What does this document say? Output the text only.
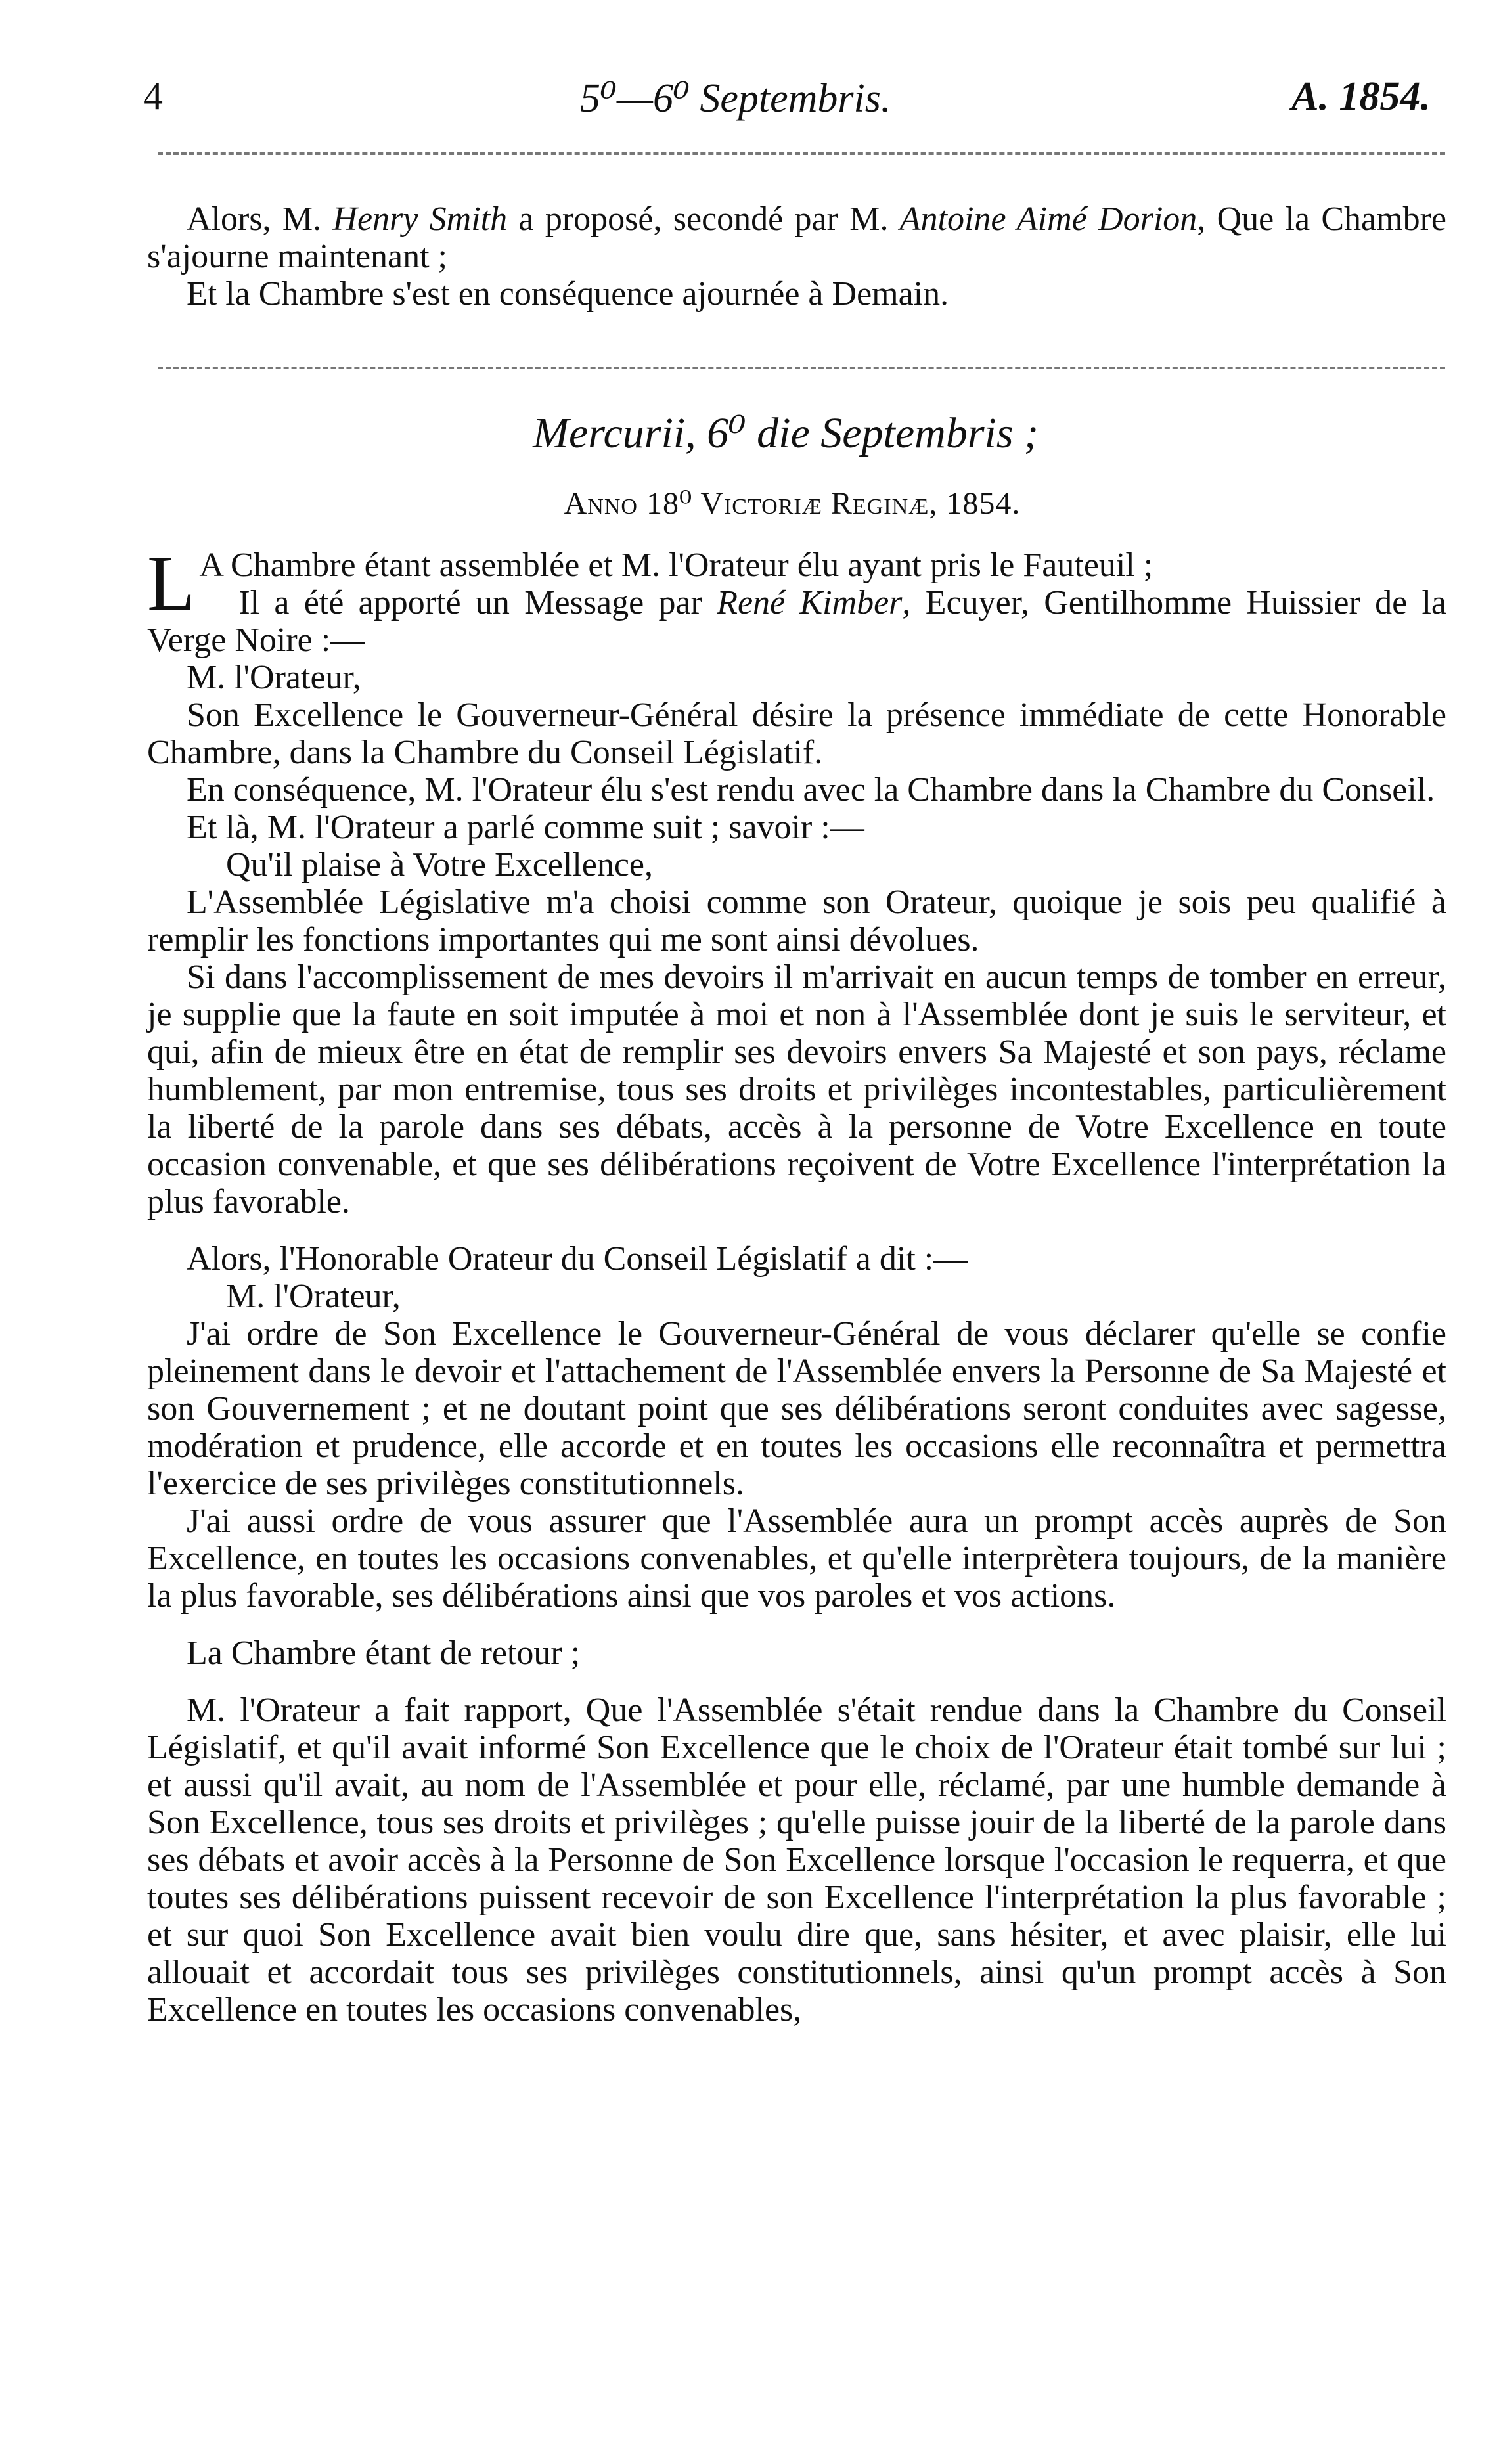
4	5⁰—6⁰ Septembris.	A. 1854.

Alors, M. Henry Smith a proposé, secondé par M. Antoine Aimé Dorion, Que la Chambre s'ajourne maintenant ;

Et la Chambre s'est en conséquence ajournée à Demain.

Mercurii, 6⁰ die Septembris ;
Anno 18⁰ Victoriæ Reginæ, 1854.

L A Chambre étant assemblée et M. l'Orateur élu ayant pris le Fauteuil ;

Il a été apporté un Message par René Kimber, Ecuyer, Gentilhomme Huissier de la Verge Noire :—

M. l'Orateur,

Son Excellence le Gouverneur-Général désire la présence immédiate de cette Honorable Chambre, dans la Chambre du Conseil Législatif.

En conséquence, M. l'Orateur élu s'est rendu avec la Chambre dans la Chambre du Conseil.

Et là, M. l'Orateur a parlé comme suit ; savoir :—

Qu'il plaise à Votre Excellence,

L'Assemblée Législative m'a choisi comme son Orateur, quoique je sois peu qualifié à remplir les fonctions importantes qui me sont ainsi dévolues.

Si dans l'accomplissement de mes devoirs il m'arrivait en aucun temps de tomber en erreur, je supplie que la faute en soit imputée à moi et non à l'Assemblée dont je suis le serviteur, et qui, afin de mieux être en état de remplir ses devoirs envers Sa Majesté et son pays, réclame humblement, par mon entremise, tous ses droits et privilèges incontestables, particulièrement la liberté de la parole dans ses débats, accès à la personne de Votre Excellence en toute occasion convenable, et que ses délibérations reçoivent de Votre Excellence l'interprétation la plus favorable.

Alors, l'Honorable Orateur du Conseil Législatif a dit :—

M. l'Orateur,

J'ai ordre de Son Excellence le Gouverneur-Général de vous déclarer qu'elle se confie pleinement dans le devoir et l'attachement de l'Assemblée envers la Personne de Sa Majesté et son Gouvernement ; et ne doutant point que ses délibérations seront conduites avec sagesse, modération et prudence, elle accorde et en toutes les occasions elle reconnaîtra et permettra l'exercice de ses privilèges constitutionnels.

J'ai aussi ordre de vous assurer que l'Assemblée aura un prompt accès auprès de Son Excellence, en toutes les occasions convenables, et qu'elle interprètera toujours, de la manière la plus favorable, ses délibérations ainsi que vos paroles et vos actions.

La Chambre étant de retour ;

M. l'Orateur a fait rapport, Que l'Assemblée s'était rendue dans la Chambre du Conseil Législatif, et qu'il avait informé Son Excellence que le choix de l'Orateur était tombé sur lui ; et aussi qu'il avait, au nom de l'Assemblée et pour elle, réclamé, par une humble demande à Son Excellence, tous ses droits et privilèges ; qu'elle puisse jouir de la liberté de la parole dans ses débats et avoir accès à la Personne de Son Excellence lorsque l'occasion le requerra, et que toutes ses délibérations puissent recevoir de son Excellence l'interprétation la plus favorable ; et sur quoi Son Excellence avait bien voulu dire que, sans hésiter, et avec plaisir, elle lui allouait et accordait tous ses privilèges constitutionnels, ainsi qu'un prompt accès à Son Excellence en toutes les occasions convenables,
